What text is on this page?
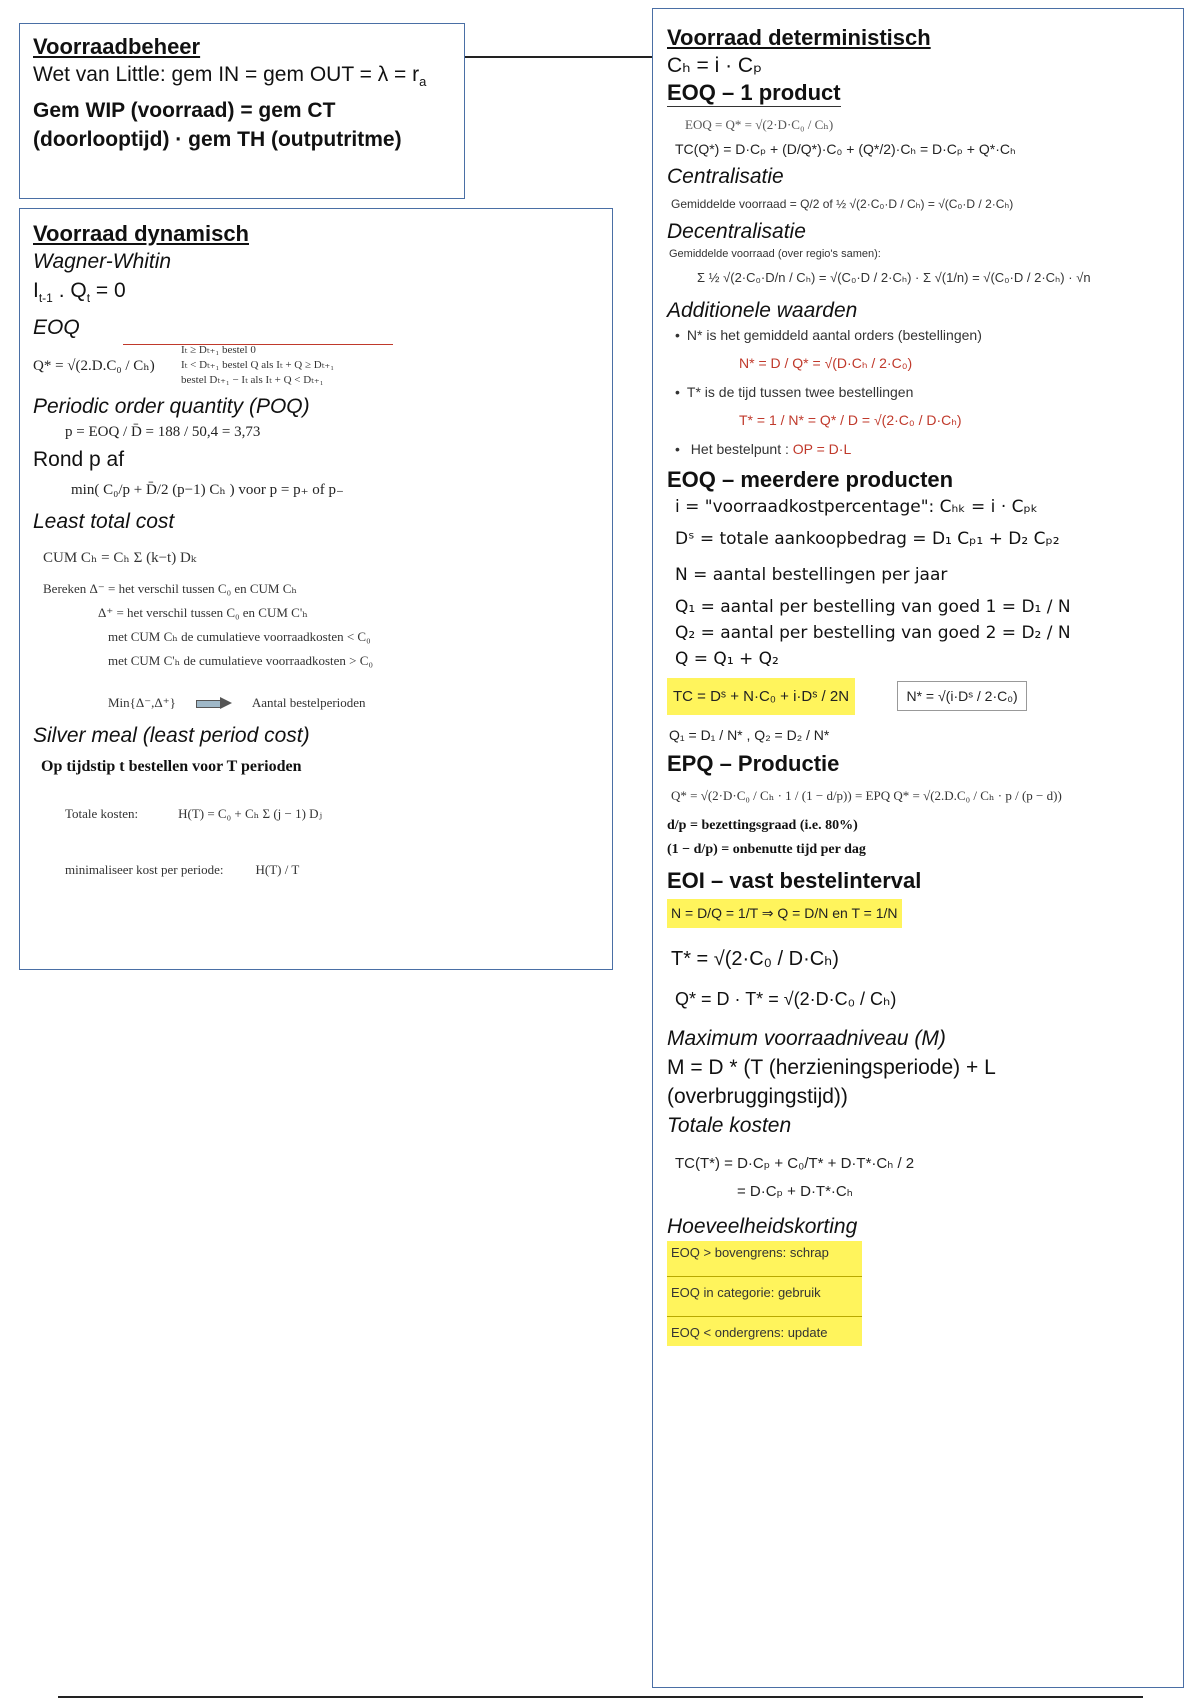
Voorraadbeheer
Wet van Little: gem IN = gem OUT = $\lambda = r_a$
Gem WIP (voorraad) = gem CT
(doorlooptijd) · gem TH (outputritme)
Voorraad dynamisch
Wagner-Whitin
$I_{t-1}$ . $Q_t = 0$
EOQ
Q* = √(2.D.C₀ / Cₕ)
Iₜ ≥ Dₜ₊₁ bestel 0
Iₜ < Dₜ₊₁ bestel Q als Iₜ + Q ≥ Dₜ₊₁
bestel Dₜ₊₁ − Iₜ als Iₜ + Q < Dₜ₊₁
Periodic order quantity (POQ)
p = EOQ / D̄ = 188 / 50,4 = 3,73
Rond p af
min( C₀/p + D̄/2 (p−1) Cₕ ) voor p = p₊ of p₋
Least total cost
CUM Cₕ = Cₕ Σ (k−t) Dₖ
Bereken Δ⁻ = het verschil tussen C₀ en CUM Cₕ
Δ⁺ = het verschil tussen C₀ en CUM C'ₕ
met CUM Cₕ de cumulatieve voorraadkosten < C₀
met CUM C'ₕ de cumulatieve voorraadkosten > C₀
Min{Δ⁻,Δ⁺}	Aantal bestelperioden
Silver meal (least period cost)
Op tijdstip t bestellen voor T perioden
Totale kosten:	H(T) = C₀ + Cₕ Σ (j − 1) Dⱼ
minimaliseer kost per periode: H(T) / T
Voorraad deterministisch
Cₕ = i · Cₚ
EOQ – 1 product
EOQ = Q* = √(2·D·C₀ / Cₕ)
TC(Q*) = D·Cₚ + (D/Q*)·C₀ + (Q*/2)·Cₕ = D·Cₚ + Q*·Cₕ
Centralisatie
Gemiddelde voorraad = Q/2 of ½ √(2·C₀·D / Cₕ) = √(C₀·D / 2·Cₕ)
Decentralisatie
Gemiddelde voorraad (over regio's samen):
Σ ½ √(2·C₀·D/n / Cₕ) = √(C₀·D / 2·Cₕ) · Σ √(1/n) = √(C₀·D / 2·Cₕ) · √n
Additionele waarden
• N* is het gemiddeld aantal orders (bestellingen)
N* = D / Q* = √(D·Cₕ / 2·C₀)
• T* is de tijd tussen twee bestellingen
T* = 1 / N* = Q* / D = √(2·C₀ / D·Cₕ)
• Het bestelpunt : OP = D·L
EOQ – meerdere producten
i = "voorraadkostpercentage": Cₕₖ = i · Cₚₖ
Dˢ = totale aankoopbedrag = D₁ Cₚ₁ + D₂ Cₚ₂
N = aantal bestellingen per jaar
Q₁ = aantal per bestelling van goed 1 = D₁ / N
Q₂ = aantal per bestelling van goed 2 = D₂ / N
Q = Q₁ + Q₂
TC = Dˢ + N·C₀ + i·Dˢ / 2N	N* = √(i·Dˢ / 2·C₀)
Q₁ = D₁ / N* , Q₂ = D₂ / N*
EPQ – Productie
Q* = √(2·D·C₀ / Cₕ · 1 / (1 − d/p)) = EPQ Q* = √(2.D.C₀ / Cₕ · p / (p − d))
d/p = bezettingsgraad (i.e. 80%)
(1 − d/p) = onbenutte tijd per dag
EOI – vast bestelinterval
N = D/Q = 1/T ⇒ Q = D/N en T = 1/N
T* = √(2·C₀ / D·Cₕ)
Q* = D · T* = √(2·D·C₀ / Cₕ)
Maximum voorraadniveau (M)
M = D * (T (herzieningsperiode) + L
(overbruggingstijd))
Totale kosten
TC(T*) = D·Cₚ + C₀/T* + D·T*·Cₕ / 2
= D·Cₚ + D·T*·Cₕ
Hoeveelheidskorting
EOQ > bovengrens: schrap
EOQ in categorie: gebruik
EOQ < ondergrens: update
